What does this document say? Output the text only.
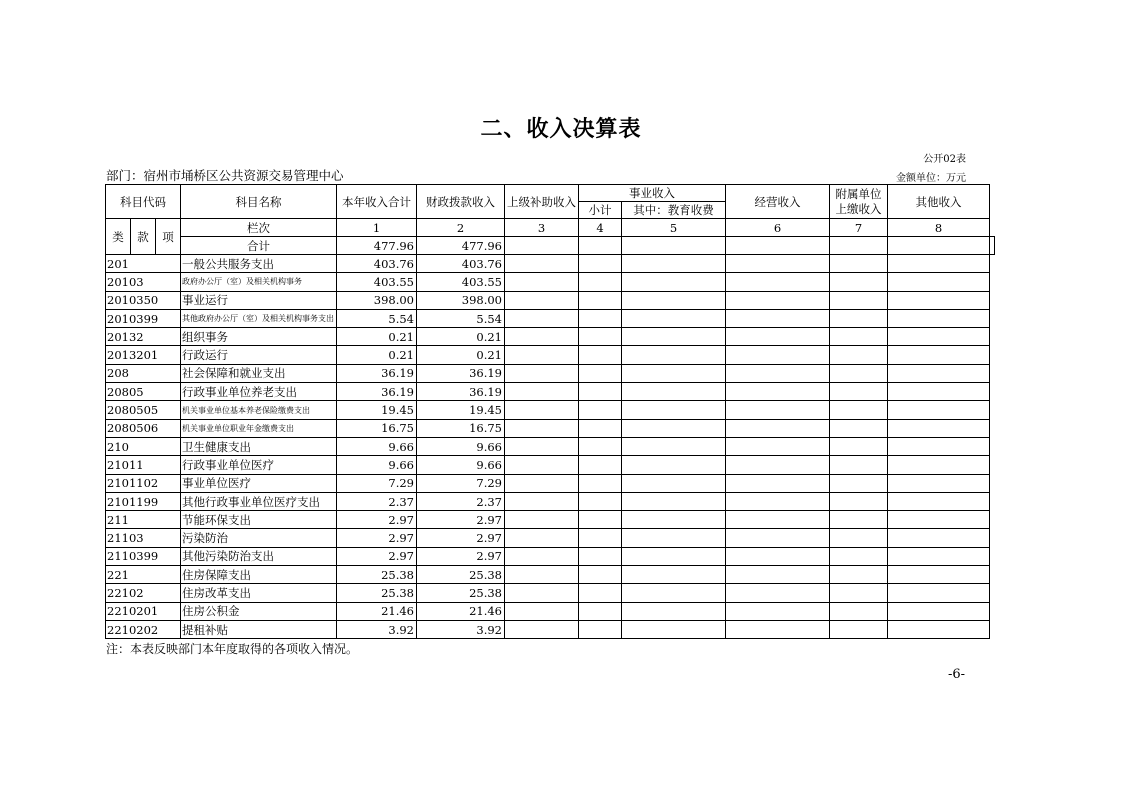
二、收入决算表
公开02表
部门：宿州市埇桥区公共资源交易管理中心	金额单位：万元
科目代码			科目名称	本年收入合计	财政拨款收入	上级补助收入	事业收入		经营收入	附属单位上缴收入	其他收入	
							小计	其中：教育收费				
类	款	项	栏次	1	2	3	4	5	6	7	8	
			合计	477.96	477.96							
201			一般公共服务支出	403.76	403.76							
20103			政府办公厅（室）及相关机构事务	403.55	403.55							
2010350			事业运行	398.00	398.00							
2010399			其他政府办公厅（室）及相关机构事务支出	5.54	5.54							
20132			组织事务	0.21	0.21							
2013201			行政运行	0.21	0.21							
208			社会保障和就业支出	36.19	36.19							
20805			行政事业单位养老支出	36.19	36.19							
2080505			机关事业单位基本养老保险缴费支出	19.45	19.45							
2080506			机关事业单位职业年金缴费支出	16.75	16.75							
210			卫生健康支出	9.66	9.66							
21011			行政事业单位医疗	9.66	9.66							
2101102			事业单位医疗	7.29	7.29							
2101199			其他行政事业单位医疗支出	2.37	2.37							
211			节能环保支出	2.97	2.97							
21103			污染防治	2.97	2.97							
2110399			其他污染防治支出	2.97	2.97							
221			住房保障支出	25.38	25.38							
22102			住房改革支出	25.38	25.38							
2210201			住房公积金	21.46	21.46							
2210202			提租补贴	3.92	3.92							
注：本表反映部门本年度取得的各项收入情况。
-6-
